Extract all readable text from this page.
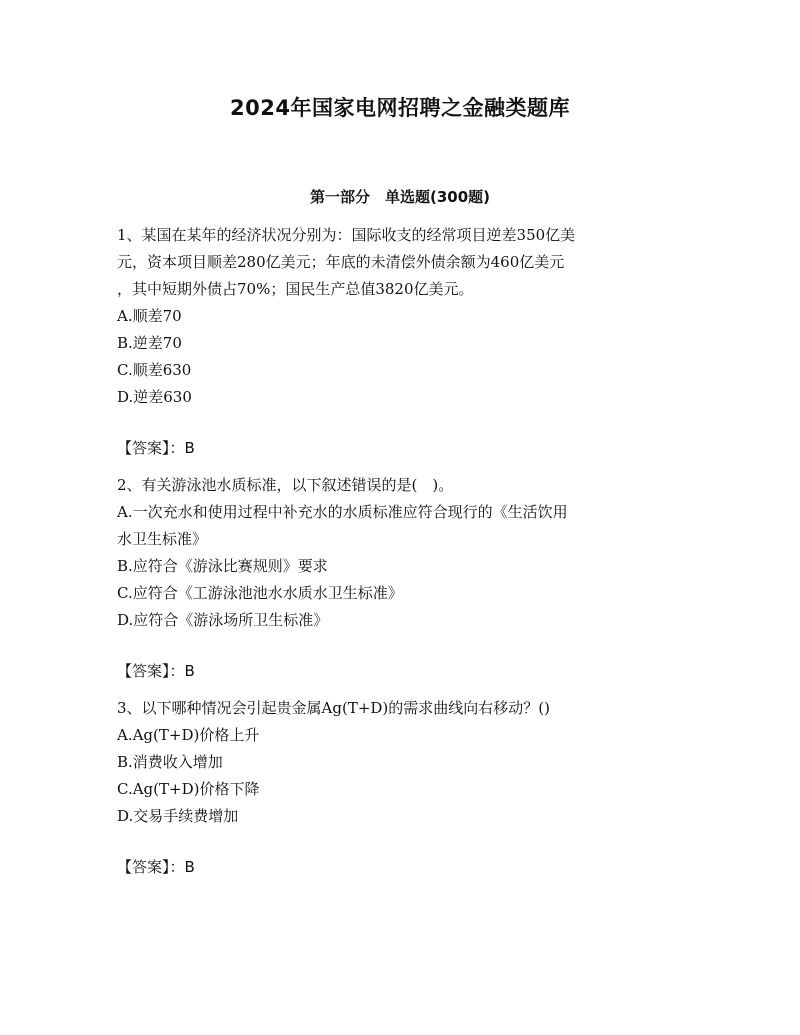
2024年国家电网招聘之金融类题库
第一部分　单选题(300题)

1、某国在某年的经济状况分别为：国际收支的经常项目逆差350亿美
元，资本项目顺差280亿美元；年底的未清偿外债余额为460亿美元
，其中短期外债占70%；国民生产总值3820亿美元。

A.顺差70
B.逆差70
C.顺差630
D.逆差630
【答案】：B

2、有关游泳池水质标准，以下叙述错误的是(　)。

A.一次充水和使用过程中补充水的水质标准应符合现行的《生活饮用
水卫生标准》
B.应符合《游泳比赛规则》要求
C.应符合《工游泳池池水水质水卫生标准》
D.应符合《游泳场所卫生标准》
【答案】：B

3、以下哪种情况会引起贵金属Ag(T+D)的需求曲线向右移动？()

A.Ag(T+D)价格上升
B.消费收入增加
C.Ag(T+D)价格下降
D.交易手续费增加
【答案】：B
